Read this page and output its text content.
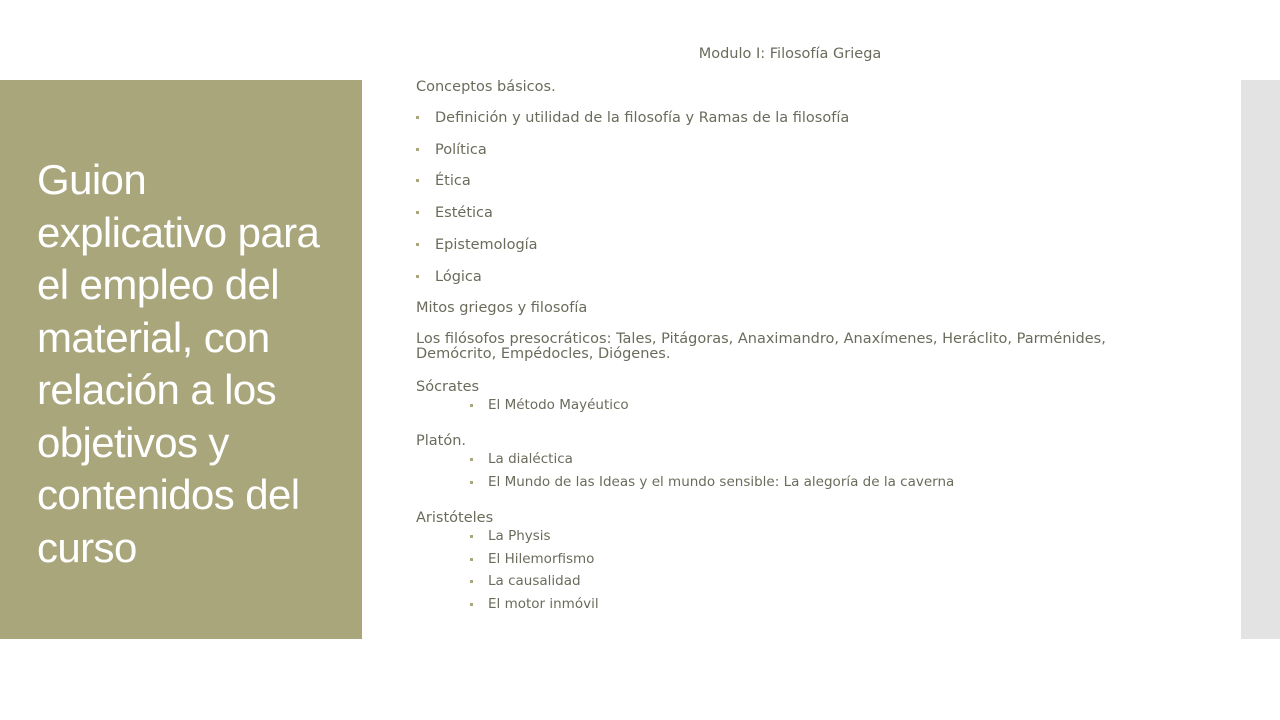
Guion explicativo para el empleo del material, con relación a los objetivos y contenidos del curso
Modulo I: Filosofía Griega
Conceptos básicos.
Definición y utilidad de la filosofía y Ramas de la filosofía
Política
Ética
Estética
Epistemología
Lógica
Mitos griegos y filosofía
Los filósofos presocráticos: Tales, Pitágoras, Anaximandro, Anaxímenes, Heráclito, Parménides, Demócrito, Empédocles, Diógenes.
Sócrates
El Método Mayéutico
Platón.
La dialéctica
El Mundo de las Ideas y el mundo sensible: La alegoría de la caverna
Aristóteles
La Physis
El Hilemorfismo
La causalidad
El motor inmóvil
